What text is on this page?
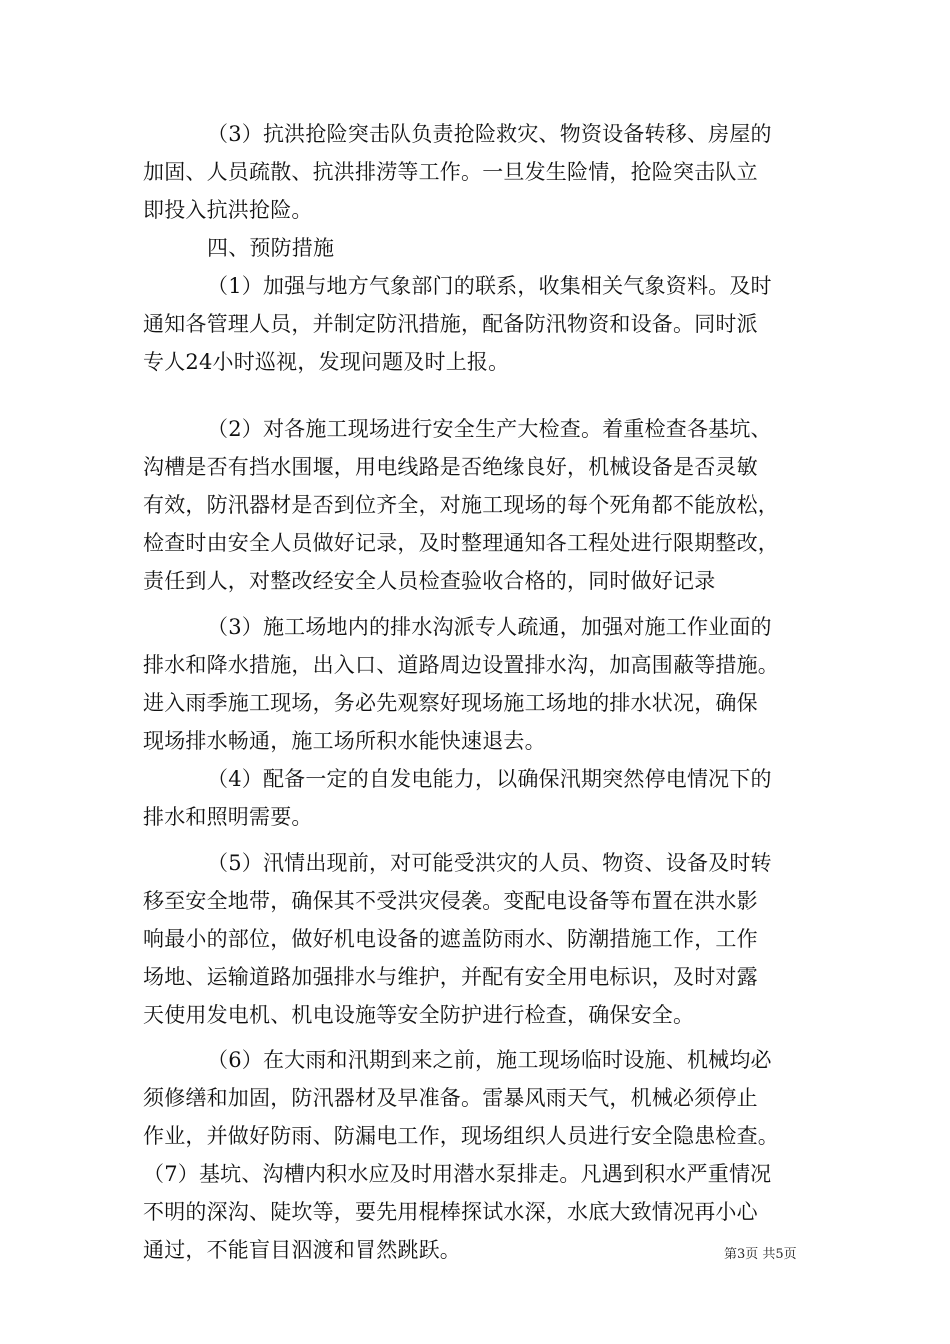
（3）抗洪抢险突击队负责抢险救灾、物资设备转移、房屋的
加固、人员疏散、抗洪排涝等工作。一旦发生险情，抢险突击队立
即投入抗洪抢险。
四、预防措施
（1）加强与地方气象部门的联系，收集相关气象资料。及时
通知各管理人员，并制定防汛措施，配备防汛物资和设备。同时派
专人24小时巡视，发现问题及时上报。
（2）对各施工现场进行安全生产大检查。着重检查各基坑、
沟槽是否有挡水围堰，用电线路是否绝缘良好，机械设备是否灵敏
有效，防汛器材是否到位齐全，对施工现场的每个死角都不能放松，
检查时由安全人员做好记录，及时整理通知各工程处进行限期整改，
责任到人，对整改经安全人员检查验收合格的，同时做好记录
（3）施工场地内的排水沟派专人疏通，加强对施工作业面的
排水和降水措施，出入口、道路周边设置排水沟，加高围蔽等措施。
进入雨季施工现场，务必先观察好现场施工场地的排水状况，确保
现场排水畅通，施工场所积水能快速退去。
（4）配备一定的自发电能力，以确保汛期突然停电情况下的
排水和照明需要。
（5）汛情出现前，对可能受洪灾的人员、物资、设备及时转
移至安全地带，确保其不受洪灾侵袭。变配电设备等布置在洪水影
响最小的部位，做好机电设备的遮盖防雨水、防潮措施工作，工作
场地、运输道路加强排水与维护，并配有安全用电标识，及时对露
天使用发电机、机电设施等安全防护进行检查，确保安全。
（6）在大雨和汛期到来之前，施工现场临时设施、机械均必
须修缮和加固，防汛器材及早准备。雷暴风雨天气，机械必须停止
作业，并做好防雨、防漏电工作，现场组织人员进行安全隐患检查。
（7）基坑、沟槽内积水应及时用潜水泵排走。凡遇到积水严重情况
不明的深沟、陡坎等，要先用棍棒探试水深，水底大致情况再小心
通过，不能盲目泅渡和冒然跳跃。	第3页 共5页
